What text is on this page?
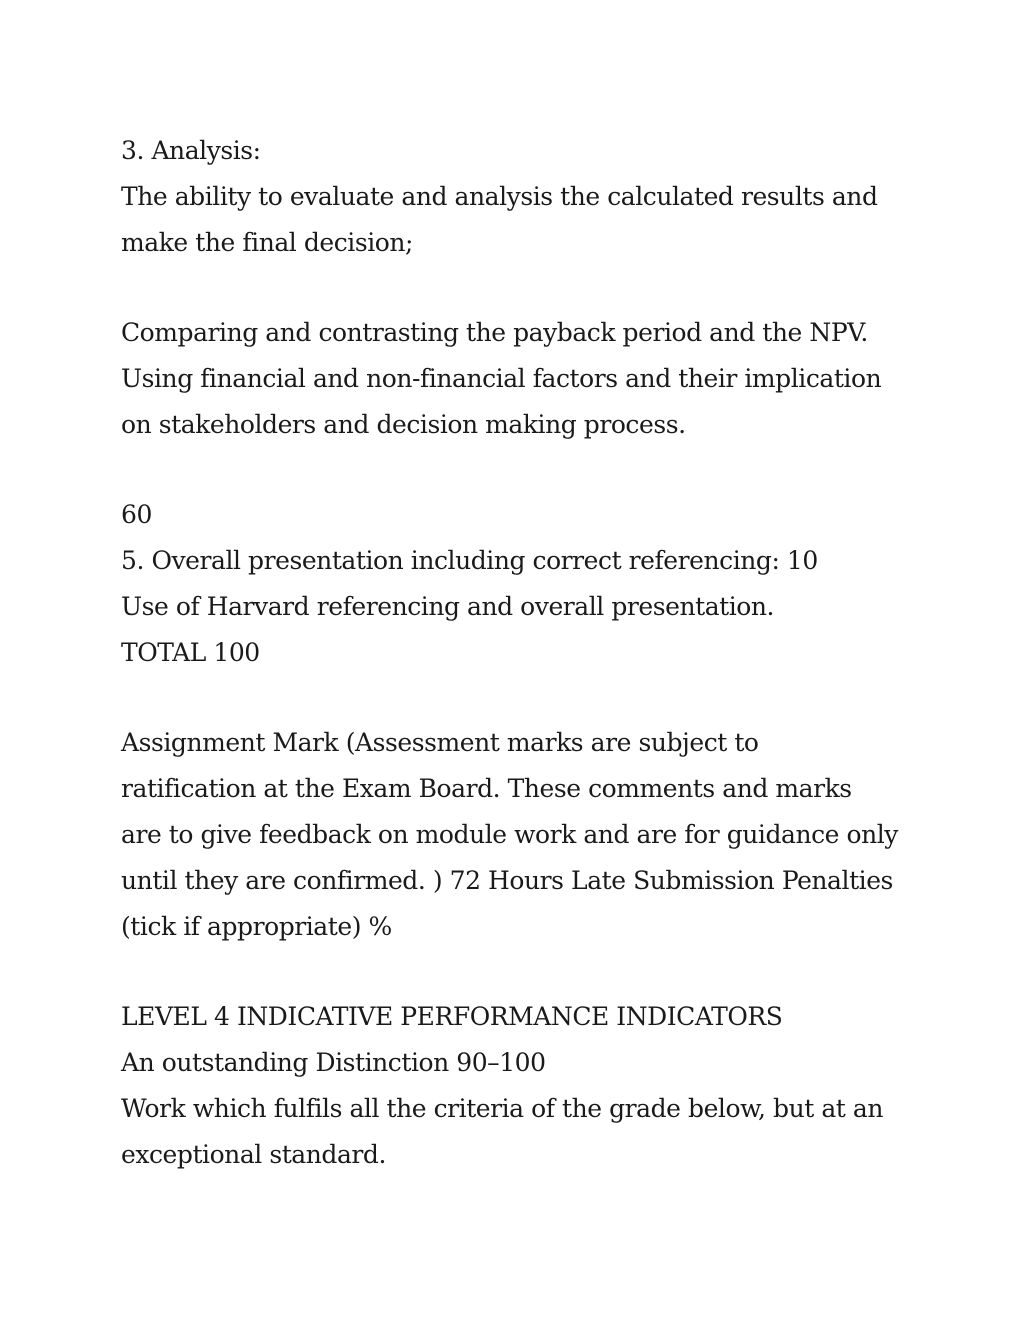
3. Analysis:
The ability to evaluate and analysis the calculated results and
make the final decision;

Comparing and contrasting the payback period and the NPV.
Using financial and non-financial factors and their implication
on stakeholders and decision making process.

60
5. Overall presentation including correct referencing: 10
Use of Harvard referencing and overall presentation.
TOTAL 100

Assignment Mark (Assessment marks are subject to
ratification at the Exam Board. These comments and marks
are to give feedback on module work and are for guidance only
until they are confirmed. ) 72 Hours Late Submission Penalties
(tick if appropriate) %

LEVEL 4 INDICATIVE PERFORMANCE INDICATORS
An outstanding Distinction 90–100
Work which fulfils all the criteria of the grade below, but at an
exceptional standard.
